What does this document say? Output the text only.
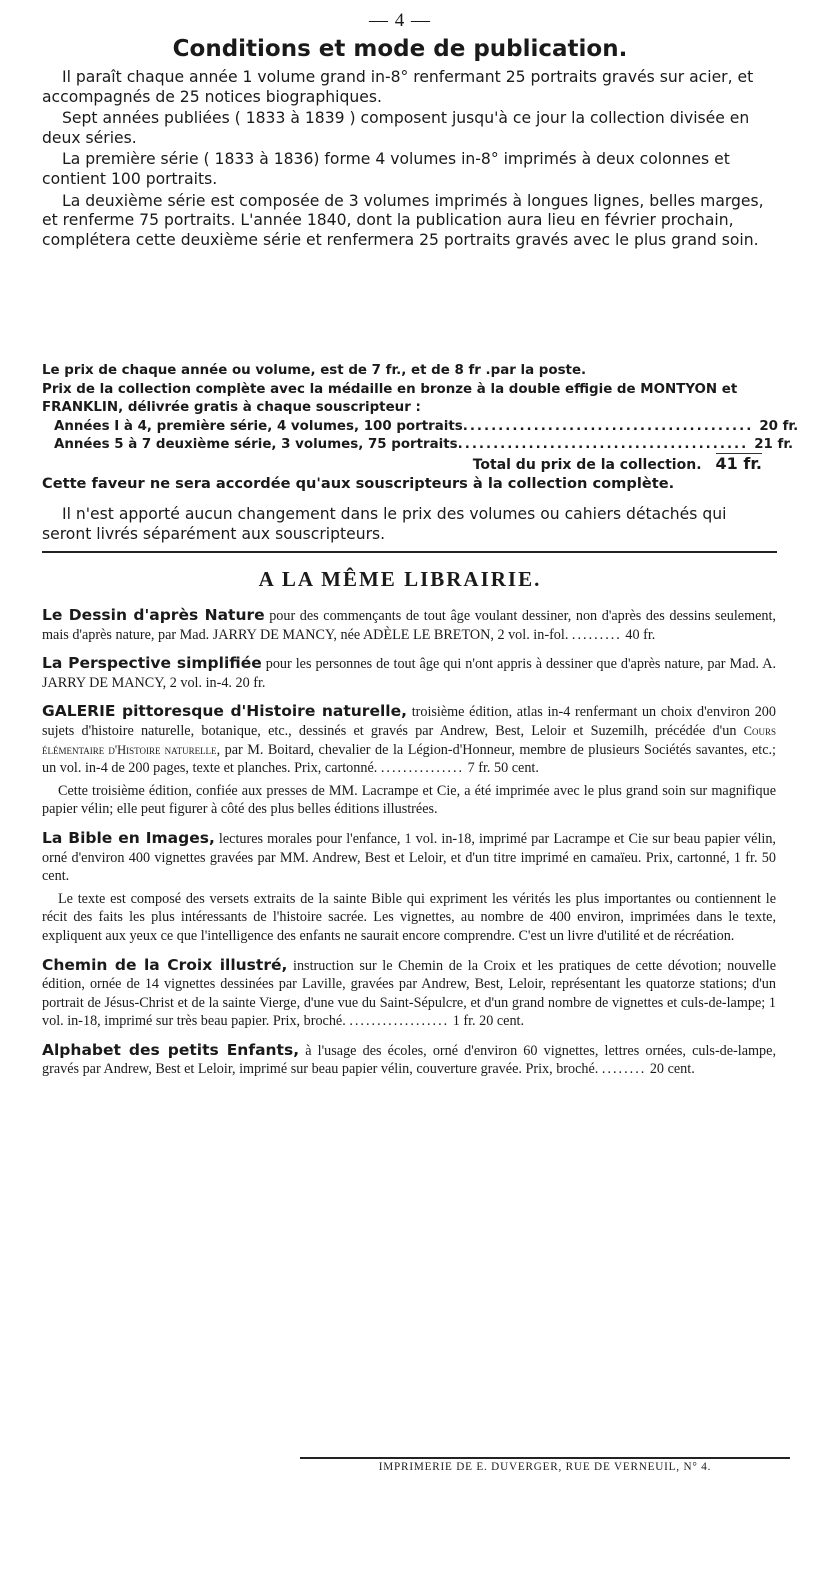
— 4 —
Conditions et mode de publication.

Il paraît chaque année 1 volume grand in-8° renfermant 25 portraits gravés sur acier, et accompagnés de 25 notices biographiques.

Sept années publiées ( 1833 à 1839 ) composent jusqu'à ce jour la collection divisée en deux séries.

La première série ( 1833 à 1836) forme 4 volumes in-8° imprimés à deux colonnes et contient 100 portraits.

La deuxième série est composée de 3 volumes imprimés à longues lignes, belles marges, et renferme 75 portraits. L'année 1840, dont la publication aura lieu en février prochain, complétera cette deuxième série et renfermera 25 portraits gravés avec le plus grand soin.

Le prix de chaque année ou volume, est de 7 fr., et de 8 fr .par la poste.
Prix de la collection complète avec la médaille en bronze à la double effigie de MONTYON et FRANKLIN, délivrée gratis à chaque souscripteur :
Années I à 4, première série, 4 volumes, 100 portraits ......................................... 20 fr.
Années 5 à 7 deuxième série, 3 volumes, 75 portraits ......................................... 21 fr.
Total du prix de la collection. 41 fr.
Cette faveur ne sera accordée qu'aux souscripteurs à la collection complète.
Il n'est apporté aucun changement dans le prix des volumes ou cahiers détachés qui seront livrés séparément aux souscripteurs.
A LA MÊME LIBRAIRIE.
Le Dessin d'après Nature pour des commençants de tout âge voulant dessiner, non d'après des dessins seulement, mais d'après nature, par Mad. JARRY DE MANCY, née ADÈLE LE BRETON, 2 vol. in-fol. ......... 40 fr.
La Perspective simplifiée pour les personnes de tout âge qui n'ont appris à dessiner que d'après nature, par Mad. A. JARRY DE MANCY, 2 vol. in-4. 20 fr.
GALERIE pittoresque d'Histoire naturelle, troisième édition, atlas in-4 renfermant un choix d'environ 200 sujets d'histoire naturelle, botanique, etc., dessinés et gravés par Andrew, Best, Leloir et Suzemilh, précédée d'un Cours élémentaire d'Histoire naturelle, par M. Boitard, chevalier de la Légion-d'Honneur, membre de plusieurs Sociétés savantes, etc.; un vol. in-4 de 200 pages, texte et planches. Prix, cartonné. ............... 7 fr. 50 cent.
Cette troisième édition, confiée aux presses de MM. Lacrampe et Cie, a été imprimée avec le plus grand soin sur magnifique papier vélin; elle peut figurer à côté des plus belles éditions illustrées.
La Bible en Images, lectures morales pour l'enfance, 1 vol. in-18, imprimé par Lacrampe et Cie sur beau papier vélin, orné d'environ 400 vignettes gravées par MM. Andrew, Best et Leloir, et d'un titre imprimé en camaïeu. Prix, cartonné, 1 fr. 50 cent.
Le texte est composé des versets extraits de la sainte Bible qui expriment les vérités les plus importantes ou contiennent le récit des faits les plus intéressants de l'histoire sacrée. Les vignettes, au nombre de 400 environ, imprimées dans le texte, expliquent aux yeux ce que l'intelligence des enfants ne saurait encore comprendre. C'est un livre d'utilité et de récréation.
Chemin de la Croix illustré, instruction sur le Chemin de la Croix et les pratiques de cette dévotion; nouvelle édition, ornée de 14 vignettes dessinées par Laville, gravées par Andrew, Best, Leloir, représentant les quatorze stations; d'un portrait de Jésus-Christ et de la sainte Vierge, d'une vue du Saint-Sépulcre, et d'un grand nombre de vignettes et culs-de-lampe; 1 vol. in-18, imprimé sur très beau papier. Prix, broché. .................. 1 fr. 20 cent.
Alphabet des petits Enfants, à l'usage des écoles, orné d'environ 60 vignettes, lettres ornées, culs-de-lampe, gravés par Andrew, Best et Leloir, imprimé sur beau papier vélin, couverture gravée. Prix, broché. ........ 20 cent.
IMPRIMERIE DE E. DUVERGER, RUE DE VERNEUIL, N° 4.
